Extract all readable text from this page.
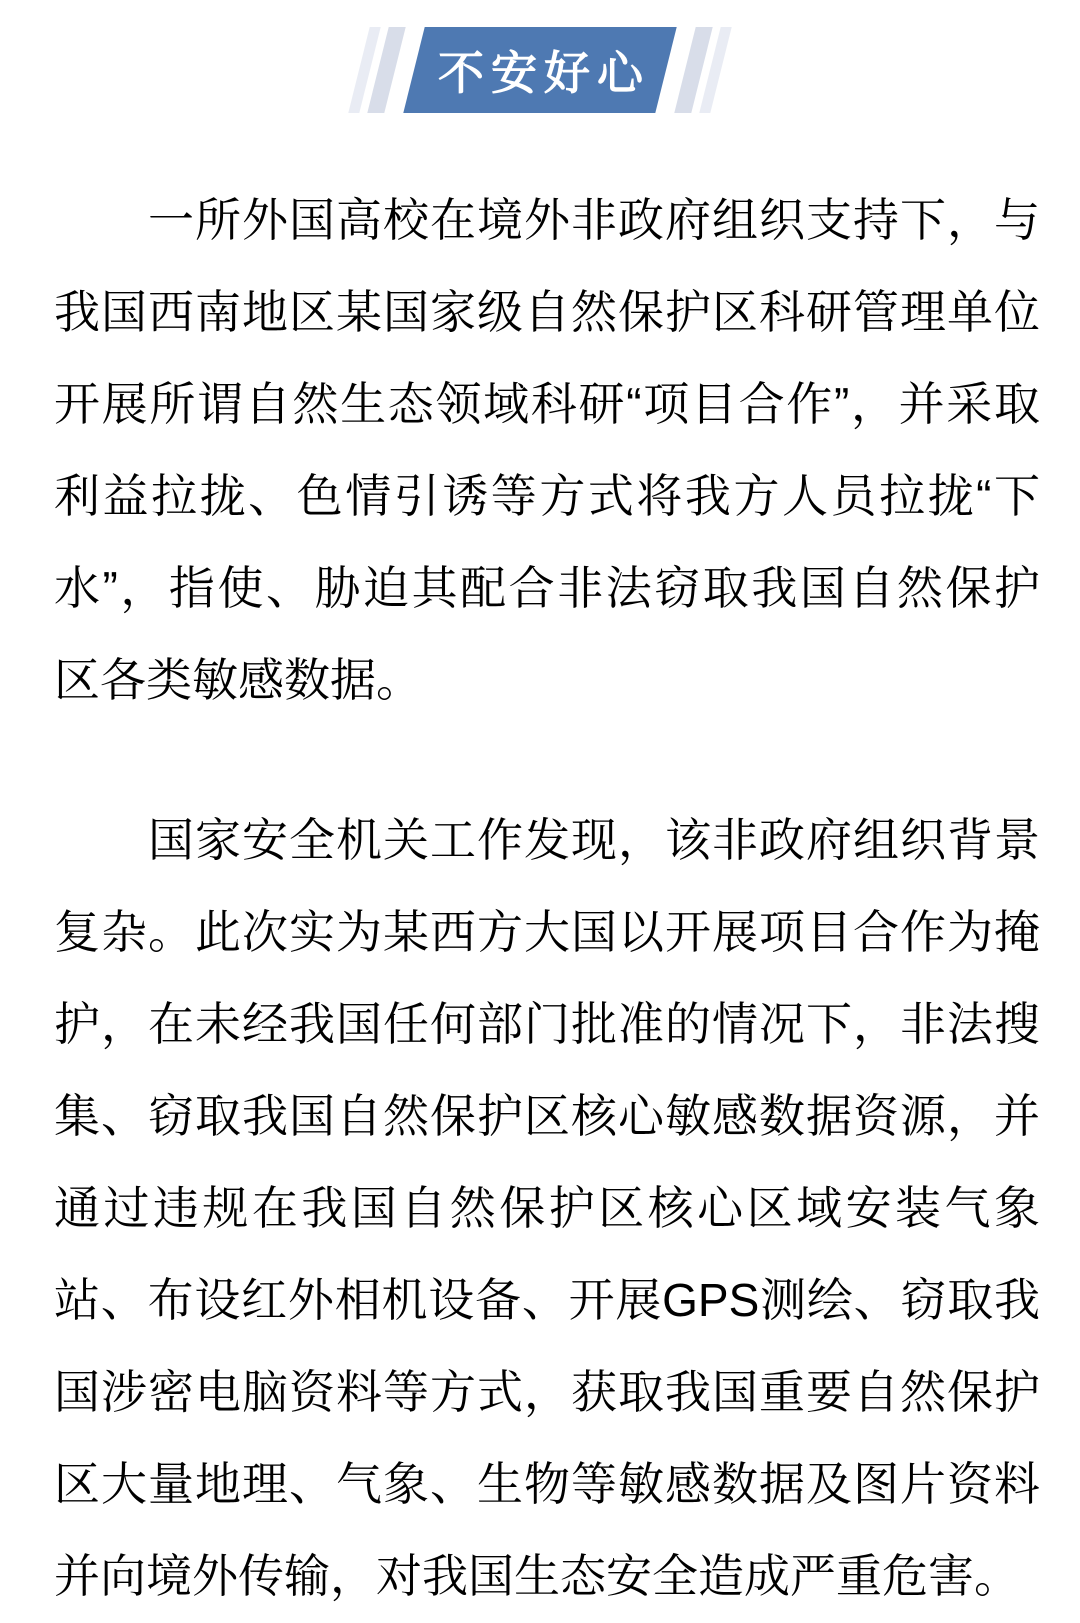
不安好心
一所外国高校在境外非政府组织支持下，与
我国西南地区某国家级自然保护区科研管理单位
开展所谓自然生态领域科研“项目合作”，并采取
利益拉拢、色情引诱等方式将我方人员拉拢“下
水”，指使、胁迫其配合非法窃取我国自然保护
区各类敏感数据。
国家安全机关工作发现，该非政府组织背景
复杂。此次实为某西方大国以开展项目合作为掩
护，在未经我国任何部门批准的情况下，非法搜
集、窃取我国自然保护区核心敏感数据资源，并
通过违规在我国自然保护区核心区域安装气象
站、布设红外相机设备、开展GPS测绘、窃取我
国涉密电脑资料等方式，获取我国重要自然保护
区大量地理、气象、生物等敏感数据及图片资料
并向境外传输，对我国生态安全造成严重危害。
